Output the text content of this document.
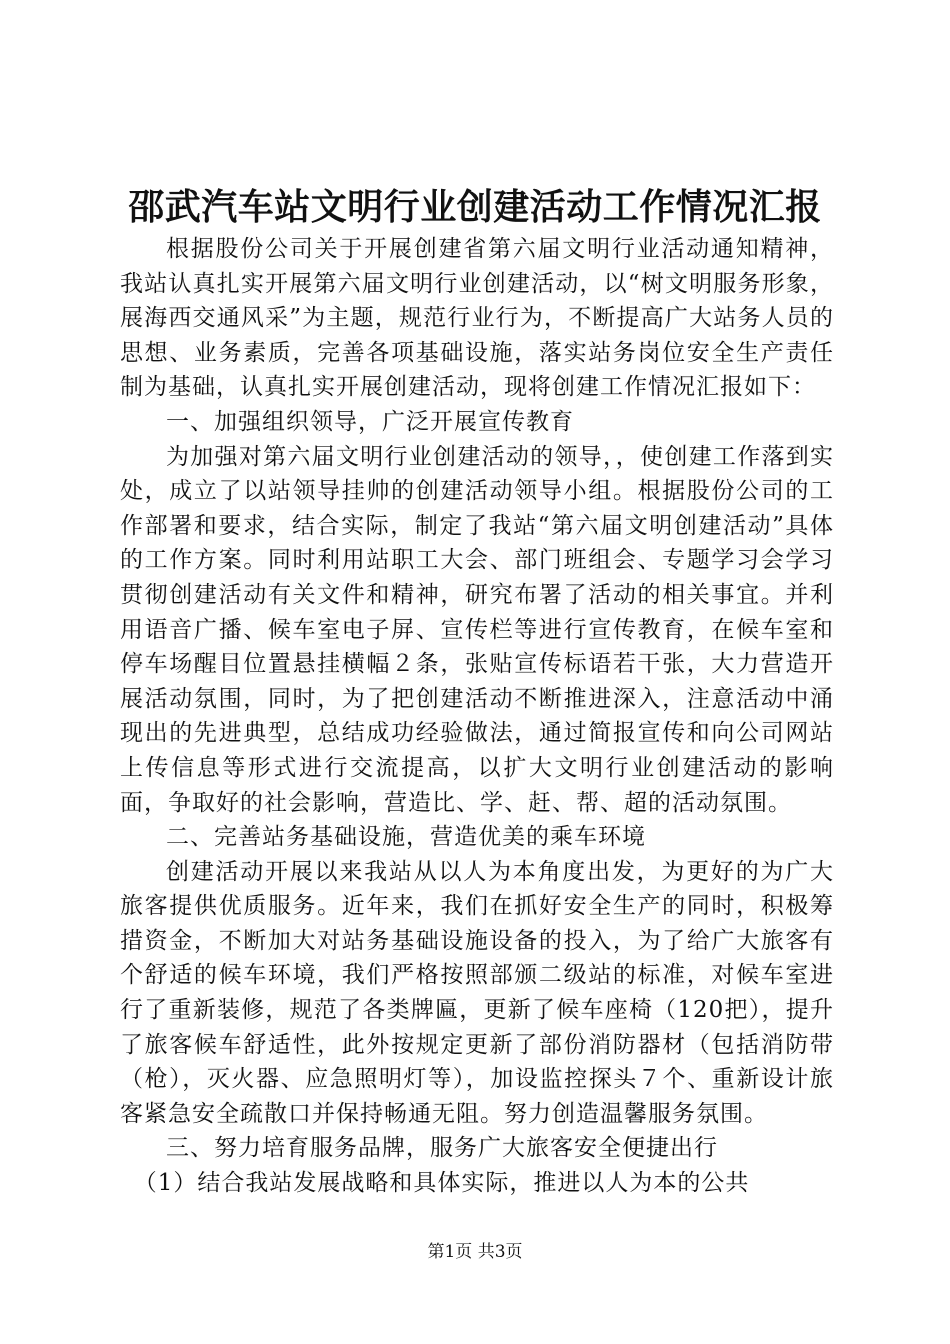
邵武汽车站文明行业创建活动工作情况汇报

根据股份公司关于开展创建省第六届文明行业活动通知精神，我站认真扎实开展第六届文明行业创建活动，以“树文明服务形象，展海西交通风采”为主题，规范行业行为，不断提高广大站务人员的思想、业务素质，完善各项基础设施，落实站务岗位安全生产责任制为基础，认真扎实开展创建活动，现将创建工作情况汇报如下：

一、加强组织领导，广泛开展宣传教育

为加强对第六届文明行业创建活动的领导，，使创建工作落到实处，成立了以站领导挂帅的创建活动领导小组。根据股份公司的工作部署和要求，结合实际，制定了我站“第六届文明创建活动”具体的工作方案。同时利用站职工大会、部门班组会、专题学习会学习贯彻创建活动有关文件和精神，研究布署了活动的相关事宜。并利用语音广播、候车室电子屏、宣传栏等进行宣传教育，在候车室和停车场醒目位置悬挂横幅２条，张贴宣传标语若干张，大力营造开展活动氛围，同时，为了把创建活动不断推进深入，注意活动中涌现出的先进典型，总结成功经验做法，通过简报宣传和向公司网站上传信息等形式进行交流提高，以扩大文明行业创建活动的影响面，争取好的社会影响，营造比、学、赶、帮、超的活动氛围。

二、完善站务基础设施，营造优美的乘车环境

创建活动开展以来我站从以人为本角度出发，为更好的为广大旅客提供优质服务。近年来，我们在抓好安全生产的同时，积极筹措资金，不断加大对站务基础设施设备的投入，为了给广大旅客有个舒适的候车环境，我们严格按照部颁二级站的标准，对候车室进行了重新装修，规范了各类牌匾，更新了候车座椅（120把），提升了旅客候车舒适性，此外按规定更新了部份消防器材（包括消防带（枪），灭火器、应急照明灯等），加设监控探头７个、重新设计旅客紧急安全疏散口并保持畅通无阻。努力创造温馨服务氛围。

三、努力培育服务品牌，服务广大旅客安全便捷出行

（1）结合我站发展战略和具体实际，推进以人为本的公共

第1页 共3页
